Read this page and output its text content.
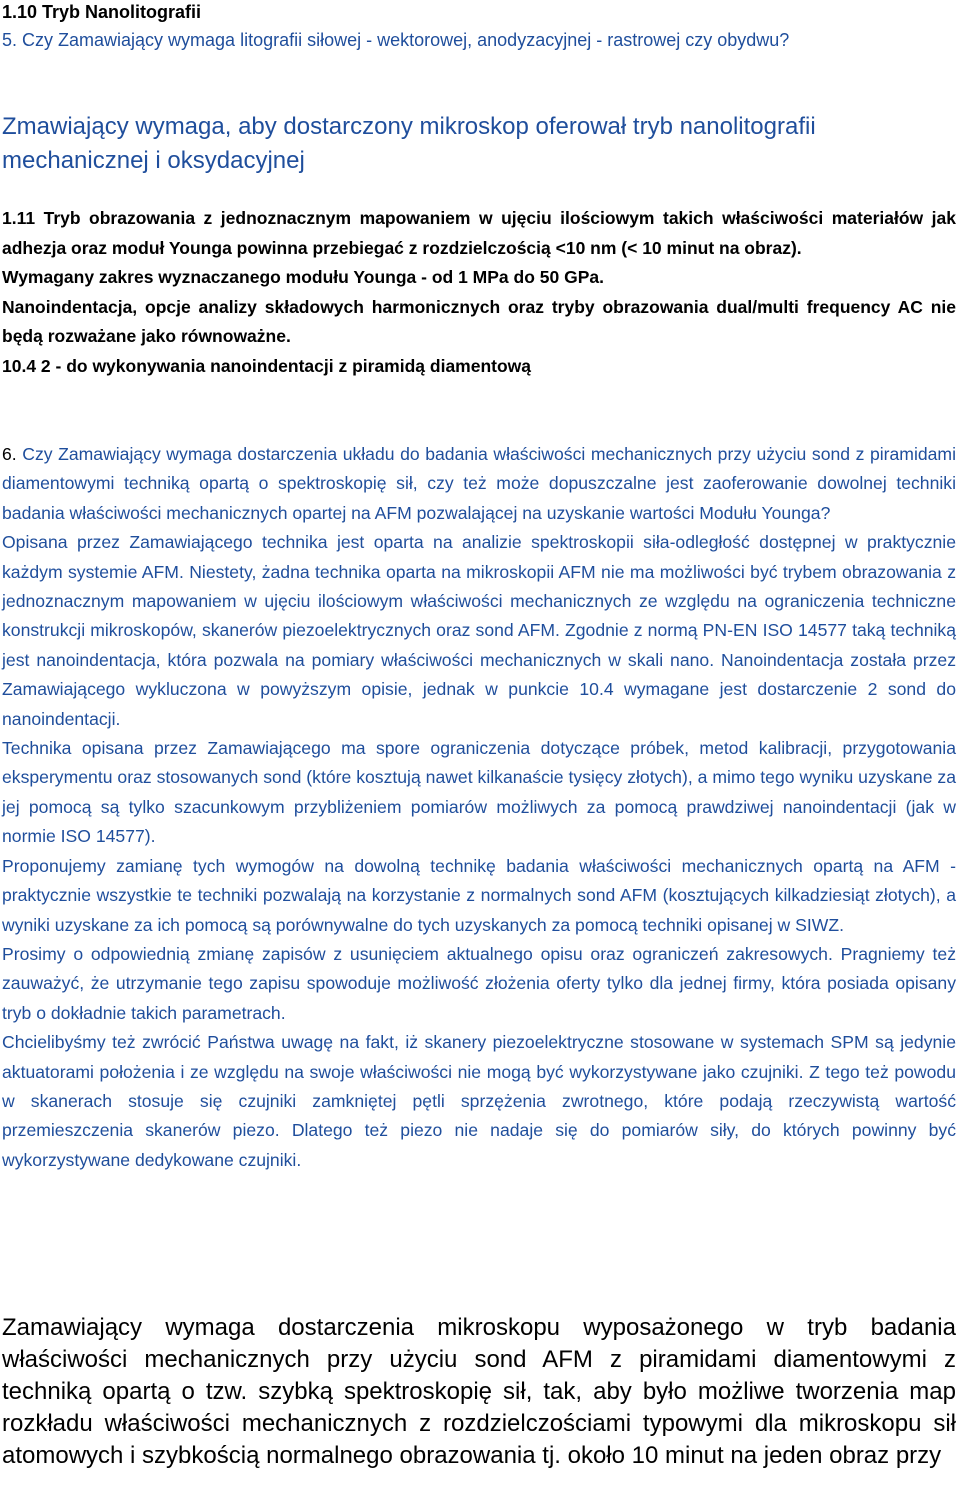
1.10 Tryb Nanolitografii

5. Czy Zamawiający wymaga litografii siłowej - wektorowej, anodyzacyjnej - rastrowej czy obydwu?

Zmawiający wymaga, aby dostarczony mikroskop oferował tryb nanolitografii mechanicznej i oksydacyjnej

1.11 Tryb obrazowania z jednoznacznym mapowaniem w ujęciu ilościowym takich właściwości materiałów jak adhezja oraz moduł Younga powinna przebiegać z rozdzielczością <10 nm (< 10 minut na obraz).
Wymagany zakres wyznaczanego modułu Younga - od 1 MPa do 50 GPa.
Nanoindentacja, opcje analizy składowych harmonicznych oraz tryby obrazowania dual/multi frequency AC nie będą rozważane jako równoważne.
10.4 2 - do wykonywania nanoindentacji z piramidą diamentową

6. Czy Zamawiający wymaga dostarczenia układu do badania właściwości mechanicznych przy użyciu sond z piramidami diamentowymi techniką opartą o spektroskopię sił, czy też może dopuszczalne jest zaoferowanie dowolnej techniki badania właściwości mechanicznych opartej na AFM pozwalającej na uzyskanie wartości Modułu Younga?

Opisana przez Zamawiającego technika jest oparta na analizie spektroskopii siła-odległość dostępnej w praktycznie każdym systemie AFM. Niestety, żadna technika oparta na mikroskopii AFM nie ma możliwości być trybem obrazowania z jednoznacznym mapowaniem w ujęciu ilościowym właściwości mechanicznych ze względu na ograniczenia techniczne konstrukcji mikroskopów, skanerów piezoelektrycznych oraz sond AFM. Zgodnie z normą PN-EN ISO 14577 taką techniką jest nanoindentacja, która pozwala na pomiary właściwości mechanicznych w skali nano. Nanoindentacja została przez Zamawiającego wykluczona w powyższym opisie, jednak w punkcie 10.4 wymagane jest dostarczenie 2 sond do nanoindentacji.

Technika opisana przez Zamawiającego ma spore ograniczenia dotyczące próbek, metod kalibracji, przygotowania eksperymentu oraz stosowanych sond (które kosztują nawet kilkanaście tysięcy złotych), a mimo tego wyniku uzyskane za jej pomocą są tylko szacunkowym przybliżeniem pomiarów możliwych za pomocą prawdziwej nanoindentacji (jak w normie ISO 14577).

Proponujemy zamianę tych wymogów na dowolną technikę badania właściwości mechanicznych opartą na AFM - praktycznie wszystkie te techniki pozwalają na korzystanie z normalnych sond AFM (kosztujących kilkadziesiąt złotych), a wyniki uzyskane za ich pomocą są porównywalne do tych uzyskanych za pomocą techniki opisanej w SIWZ.

Prosimy o odpowiednią zmianę zapisów z usunięciem aktualnego opisu oraz ograniczeń zakresowych. Pragniemy też zauważyć, że utrzymanie tego zapisu spowoduje możliwość złożenia oferty tylko dla jednej firmy, która posiada opisany tryb o dokładnie takich parametrach.

Chcielibyśmy też zwrócić Państwa uwagę na fakt, iż skanery piezoelektryczne stosowane w systemach SPM są jedynie aktuatorami położenia i ze względu na swoje właściwości nie mogą być wykorzystywane jako czujniki. Z tego też powodu w skanerach stosuje się czujniki zamkniętej pętli sprzężenia zwrotnego, które podają rzeczywistą wartość przemieszczenia skanerów piezo. Dlatego też piezo nie nadaje się do pomiarów siły, do których powinny być wykorzystywane dedykowane czujniki.

Zamawiający wymaga dostarczenia mikroskopu wyposażonego w tryb badania właściwości mechanicznych przy użyciu sond AFM z piramidami diamentowymi z techniką opartą o tzw. szybką spektroskopię sił, tak, aby było możliwe tworzenia map rozkładu właściwości mechanicznych z rozdzielczościami typowymi dla mikroskopu sił atomowych i szybkością normalnego obrazowania tj. około 10 minut na jeden obraz przy
